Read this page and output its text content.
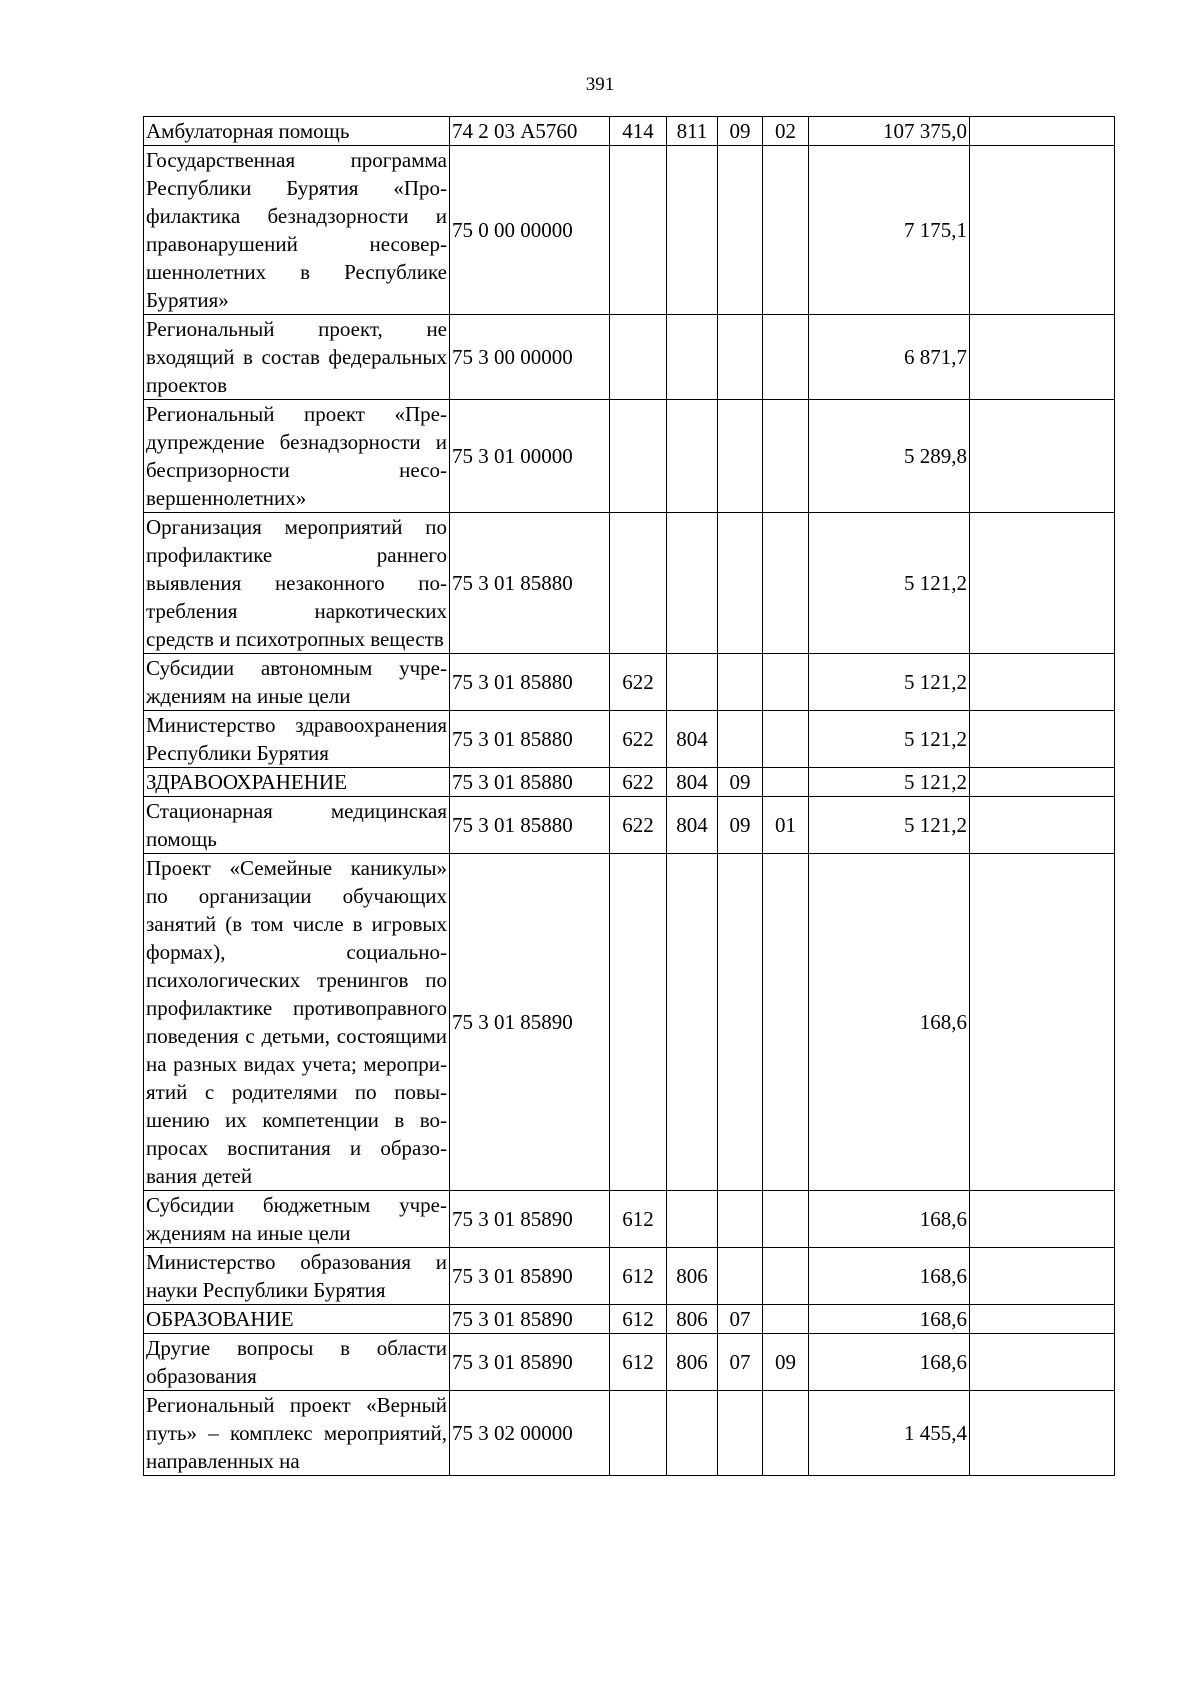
391
Амбулаторная помощь	74 2 03 А5760	414	811	09	02	107 375,0	
Государственная программа Республики Бурятия «Профилактика безнадзорности и правонарушений несовершеннолетних в Республике Бурятия»	75 0 00 00000					7 175,1	
Региональный проект, не входящий в состав федеральных проектов	75 3 00 00000					6 871,7	
Региональный проект «Предупреждение безнадзорности и беспризорности несовершеннолетних»	75 3 01 00000					5 289,8	
Организация мероприятий по профилактике раннего выявления незаконного потребления наркотических средств и психотропных веществ	75 3 01 85880					5 121,2	
Субсидии автономным учреждениям на иные цели	75 3 01 85880	622				5 121,2	
Министерство здравоохранения Республики Бурятия	75 3 01 85880	622	804			5 121,2	
ЗДРАВООХРАНЕНИЕ	75 3 01 85880	622	804	09		5 121,2	
Стационарная медицинская помощь	75 3 01 85880	622	804	09	01	5 121,2	
Проект «Семейные каникулы» по организации обучающих занятий (в том числе в игровых формах), социально-психологических тренингов по профилактике противоправного поведения с детьми, состоящими на разных видах учета; мероприятий с родителями по повышению их компетенции в вопросах воспитания и образования детей	75 3 01 85890					168,6	
Субсидии бюджетным учреждениям на иные цели	75 3 01 85890	612				168,6	
Министерство образования и науки Республики Бурятия	75 3 01 85890	612	806			168,6	
ОБРАЗОВАНИЕ	75 3 01 85890	612	806	07		168,6	
Другие вопросы в области образования	75 3 01 85890	612	806	07	09	168,6	
Региональный проект «Верный путь» – комплекс мероприятий, направленных на	75 3 02 00000					1 455,4	
